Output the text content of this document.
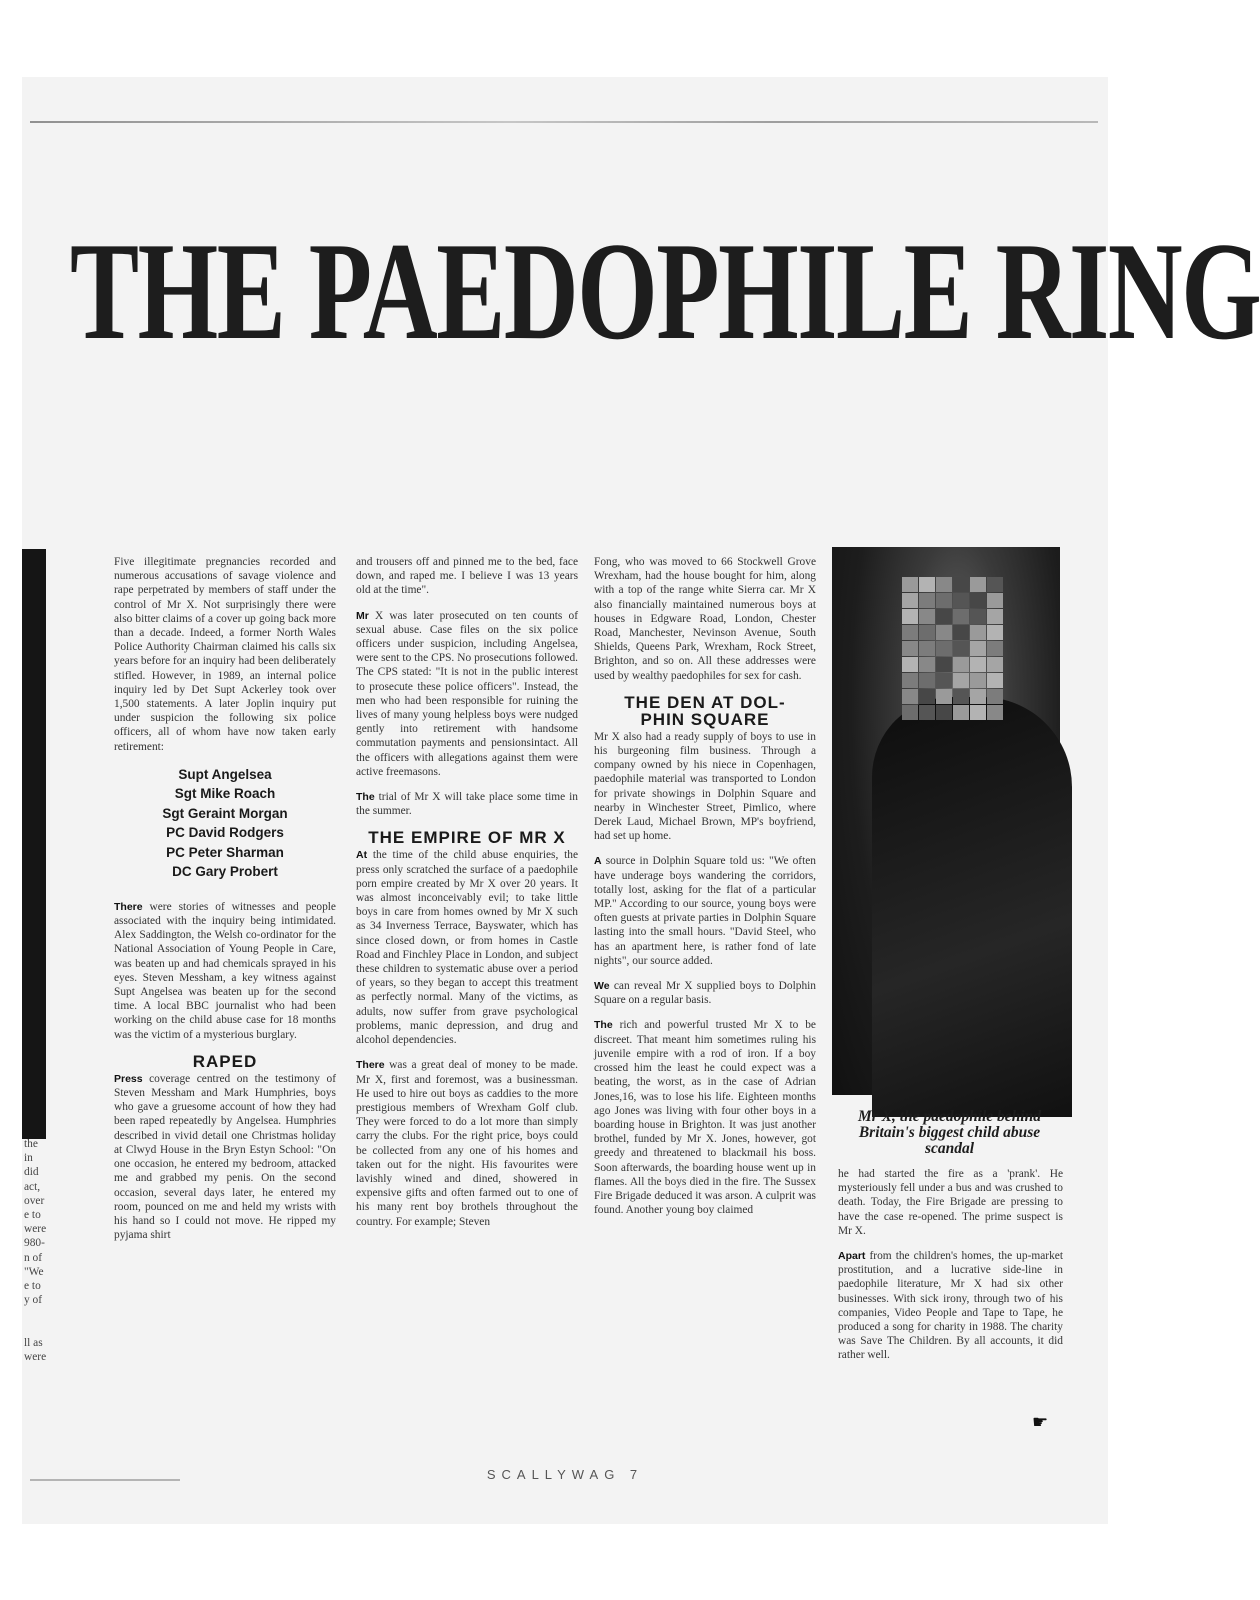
THE PAEDOPHILE RING
the
in
did
act,
over
e to
were
980-
n of
"We
e to
y of

ll as
were

Five illegitimate pregnancies recorded and numerous accusations of savage violence and rape perpetrated by members of staff under the control of Mr X. Not surprisingly there were also bitter claims of a cover up going back more than a decade. Indeed, a former North Wales Police Authority Chairman claimed his calls six years before for an inquiry had been deliberately stifled. However, in 1989, an internal police inquiry led by Det Supt Ackerley took over 1,500 statements. A later Joplin inquiry put under suspicion the following six police officers, all of whom have now taken early retirement:

Supt Angelsea
Sgt Mike Roach
Sgt Geraint Morgan
PC David Rodgers
PC Peter Sharman
DC Gary Probert

There were stories of witnesses and people associated with the inquiry being intimidated. Alex Saddington, the Welsh co-ordinator for the National Association of Young People in Care, was beaten up and had chemicals sprayed in his eyes. Steven Messham, a key witness against Supt Angelsea was beaten up for the second time. A local BBC journalist who had been working on the child abuse case for 18 months was the victim of a mysterious burglary.

RAPED

Press coverage centred on the testimony of Steven Messham and Mark Humphries, boys who gave a gruesome account of how they had been raped repeatedly by Angelsea. Humphries described in vivid detail one Christmas holiday at Clwyd House in the Bryn Estyn School: "On one occasion, he entered my bedroom, attacked me and grabbed my penis. On the second occasion, several days later, he entered my room, pounced on me and held my wrists with his hand so I could not move. He ripped my pyjama shirt

and trousers off and pinned me to the bed, face down, and raped me. I believe I was 13 years old at the time".

Mr X was later prosecuted on ten counts of sexual abuse. Case files on the six police officers under suspicion, including Angelsea, were sent to the CPS. No prosecutions followed. The CPS stated: "It is not in the public interest to prosecute these police officers". Instead, the men who had been responsible for ruining the lives of many young helpless boys were nudged gently into retirement with handsome commutation payments and pensionsintact. All the officers with allegations against them were active freemasons.

The trial of Mr X will take place some time in the summer.

THE EMPIRE OF MR X

At the time of the child abuse enquiries, the press only scratched the surface of a paedophile porn empire created by Mr X over 20 years. It was almost inconceivably evil; to take little boys in care from homes owned by Mr X such as 34 Inverness Terrace, Bayswater, which has since closed down, or from homes in Castle Road and Finchley Place in London, and subject these children to systematic abuse over a period of years, so they began to accept this treatment as perfectly normal. Many of the victims, as adults, now suffer from grave psychological problems, manic depression, and drug and alcohol dependencies.

There was a great deal of money to be made. Mr X, first and foremost, was a businessman. He used to hire out boys as caddies to the more prestigious members of Wrexham Golf club. They were forced to do a lot more than simply carry the clubs. For the right price, boys could be collected from any one of his homes and taken out for the night. His favourites were lavishly wined and dined, showered in expensive gifts and often farmed out to one of his many rent boy brothels throughout the country. For example; Steven

Fong, who was moved to 66 Stockwell Grove Wrexham, had the house bought for him, along with a top of the range white Sierra car. Mr X also financially maintained numerous boys at houses in Edgware Road, London, Chester Road, Manchester, Nevinson Avenue, South Shields, Queens Park, Wrexham, Rock Street, Brighton, and so on. All these addresses were used by wealthy paedophiles for sex for cash.

THE DEN AT DOL-
PHIN SQUARE

Mr X also had a ready supply of boys to use in his burgeoning film business. Through a company owned by his niece in Copenhagen, paedophile material was transported to London for private showings in Dolphin Square and nearby in Winchester Street, Pimlico, where Derek Laud, Michael Brown, MP's boyfriend, had set up home.

A source in Dolphin Square told us: "We often have underage boys wandering the corridors, totally lost, asking for the flat of a particular MP." According to our source, young boys were often guests at private parties in Dolphin Square lasting into the small hours. "David Steel, who has an apartment here, is rather fond of late nights", our source added.

We can reveal Mr X supplied boys to Dolphin Square on a regular basis.

The rich and powerful trusted Mr X to be discreet. That meant him sometimes ruling his juvenile empire with a rod of iron. If a boy crossed him the least he could expect was a beating, the worst, as in the case of Adrian Jones,16, was to lose his life. Eighteen months ago Jones was living with four other boys in a boarding house in Brighton. It was just another brothel, funded by Mr X. Jones, however, got greedy and threatened to blackmail his boss. Soon afterwards, the boarding house went up in flames. All the boys died in the fire. The Sussex Fire Brigade deduced it was arson. A culprit was found. Another young boy claimed

Mr X, the paedophile behind Britain's biggest child abuse scandal

he had started the fire as a 'prank'. He mysteriously fell under a bus and was crushed to death. Today, the Fire Brigade are pressing to have the case re-opened. The prime suspect is Mr X.

Apart from the children's homes, the up-market prostitution, and a lucrative side-line in paedophile literature, Mr X had six other businesses. With sick irony, through two of his companies, Video People and Tape to Tape, he produced a song for charity in 1988. The charity was Save The Children. By all accounts, it did rather well.

☛
SCALLYWAG 7
